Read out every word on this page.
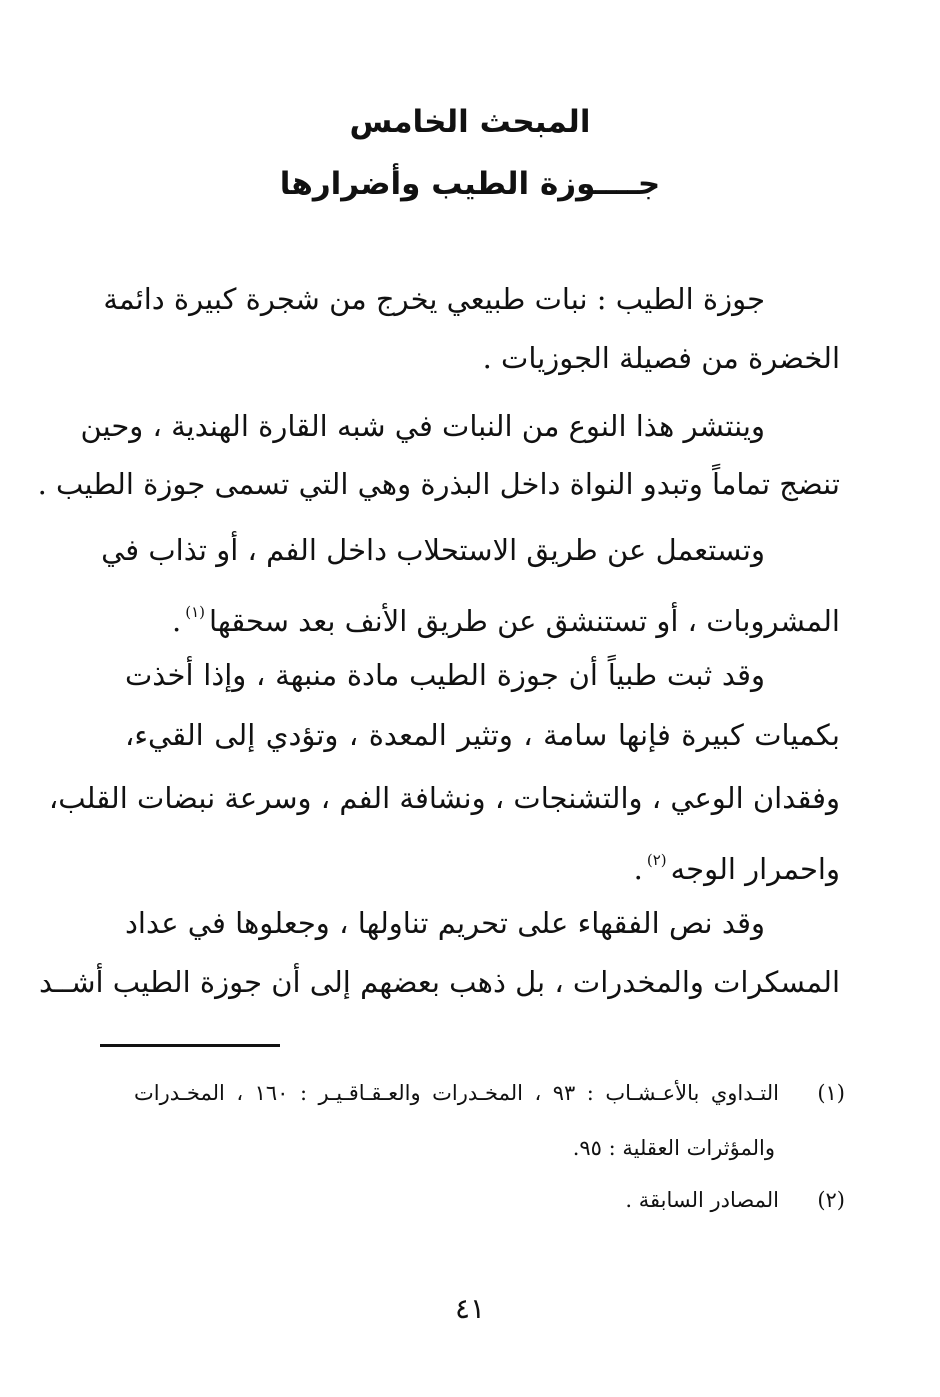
المبحث الخامس
جــــوزة الطيب وأضرارها
جوزة الطيب : نبات طبيعي يخرج من شجرة كبيرة دائمة
الخضرة من فصيلة الجوزيات .
وينتشر هذا النوع من النبات في شبه القارة الهندية ، وحين
تنضج تماماً وتبدو النواة داخل البذرة وهي التي تسمى جوزة الطيب .
وتستعمل عن طريق الاستحلاب داخل الفم ، أو تذاب في
المشروبات ، أو تستنشق عن طريق الأنف بعد سحقها$^{(١)}$.
وقد ثبت طبياً أن جوزة الطيب مادة منبهة ، وإذا أخذت
بكميات كبيرة فإنها سامة ، وتثير المعدة ، وتؤدي إلى القيء،
وفقدان الوعي ، والتشنجات ، ونشافة الفم ، وسرعة نبضات القلب،
واحمرار الوجه$^{(٢)}$.
وقد نص الفقهاء على تحريم تناولها ، وجعلوها في عداد
المسكرات والمخدرات ، بل ذهب بعضهم إلى أن جوزة الطيب أشــد
(١)التـداوي بالأعـشـاب : ٩٣ ، المخـدرات والعـقـاقـيـر : ١٦٠ ، المخـدرات
والمؤثرات العقلية : ٩٥.
(٢)المصادر السابقة .
٤١
